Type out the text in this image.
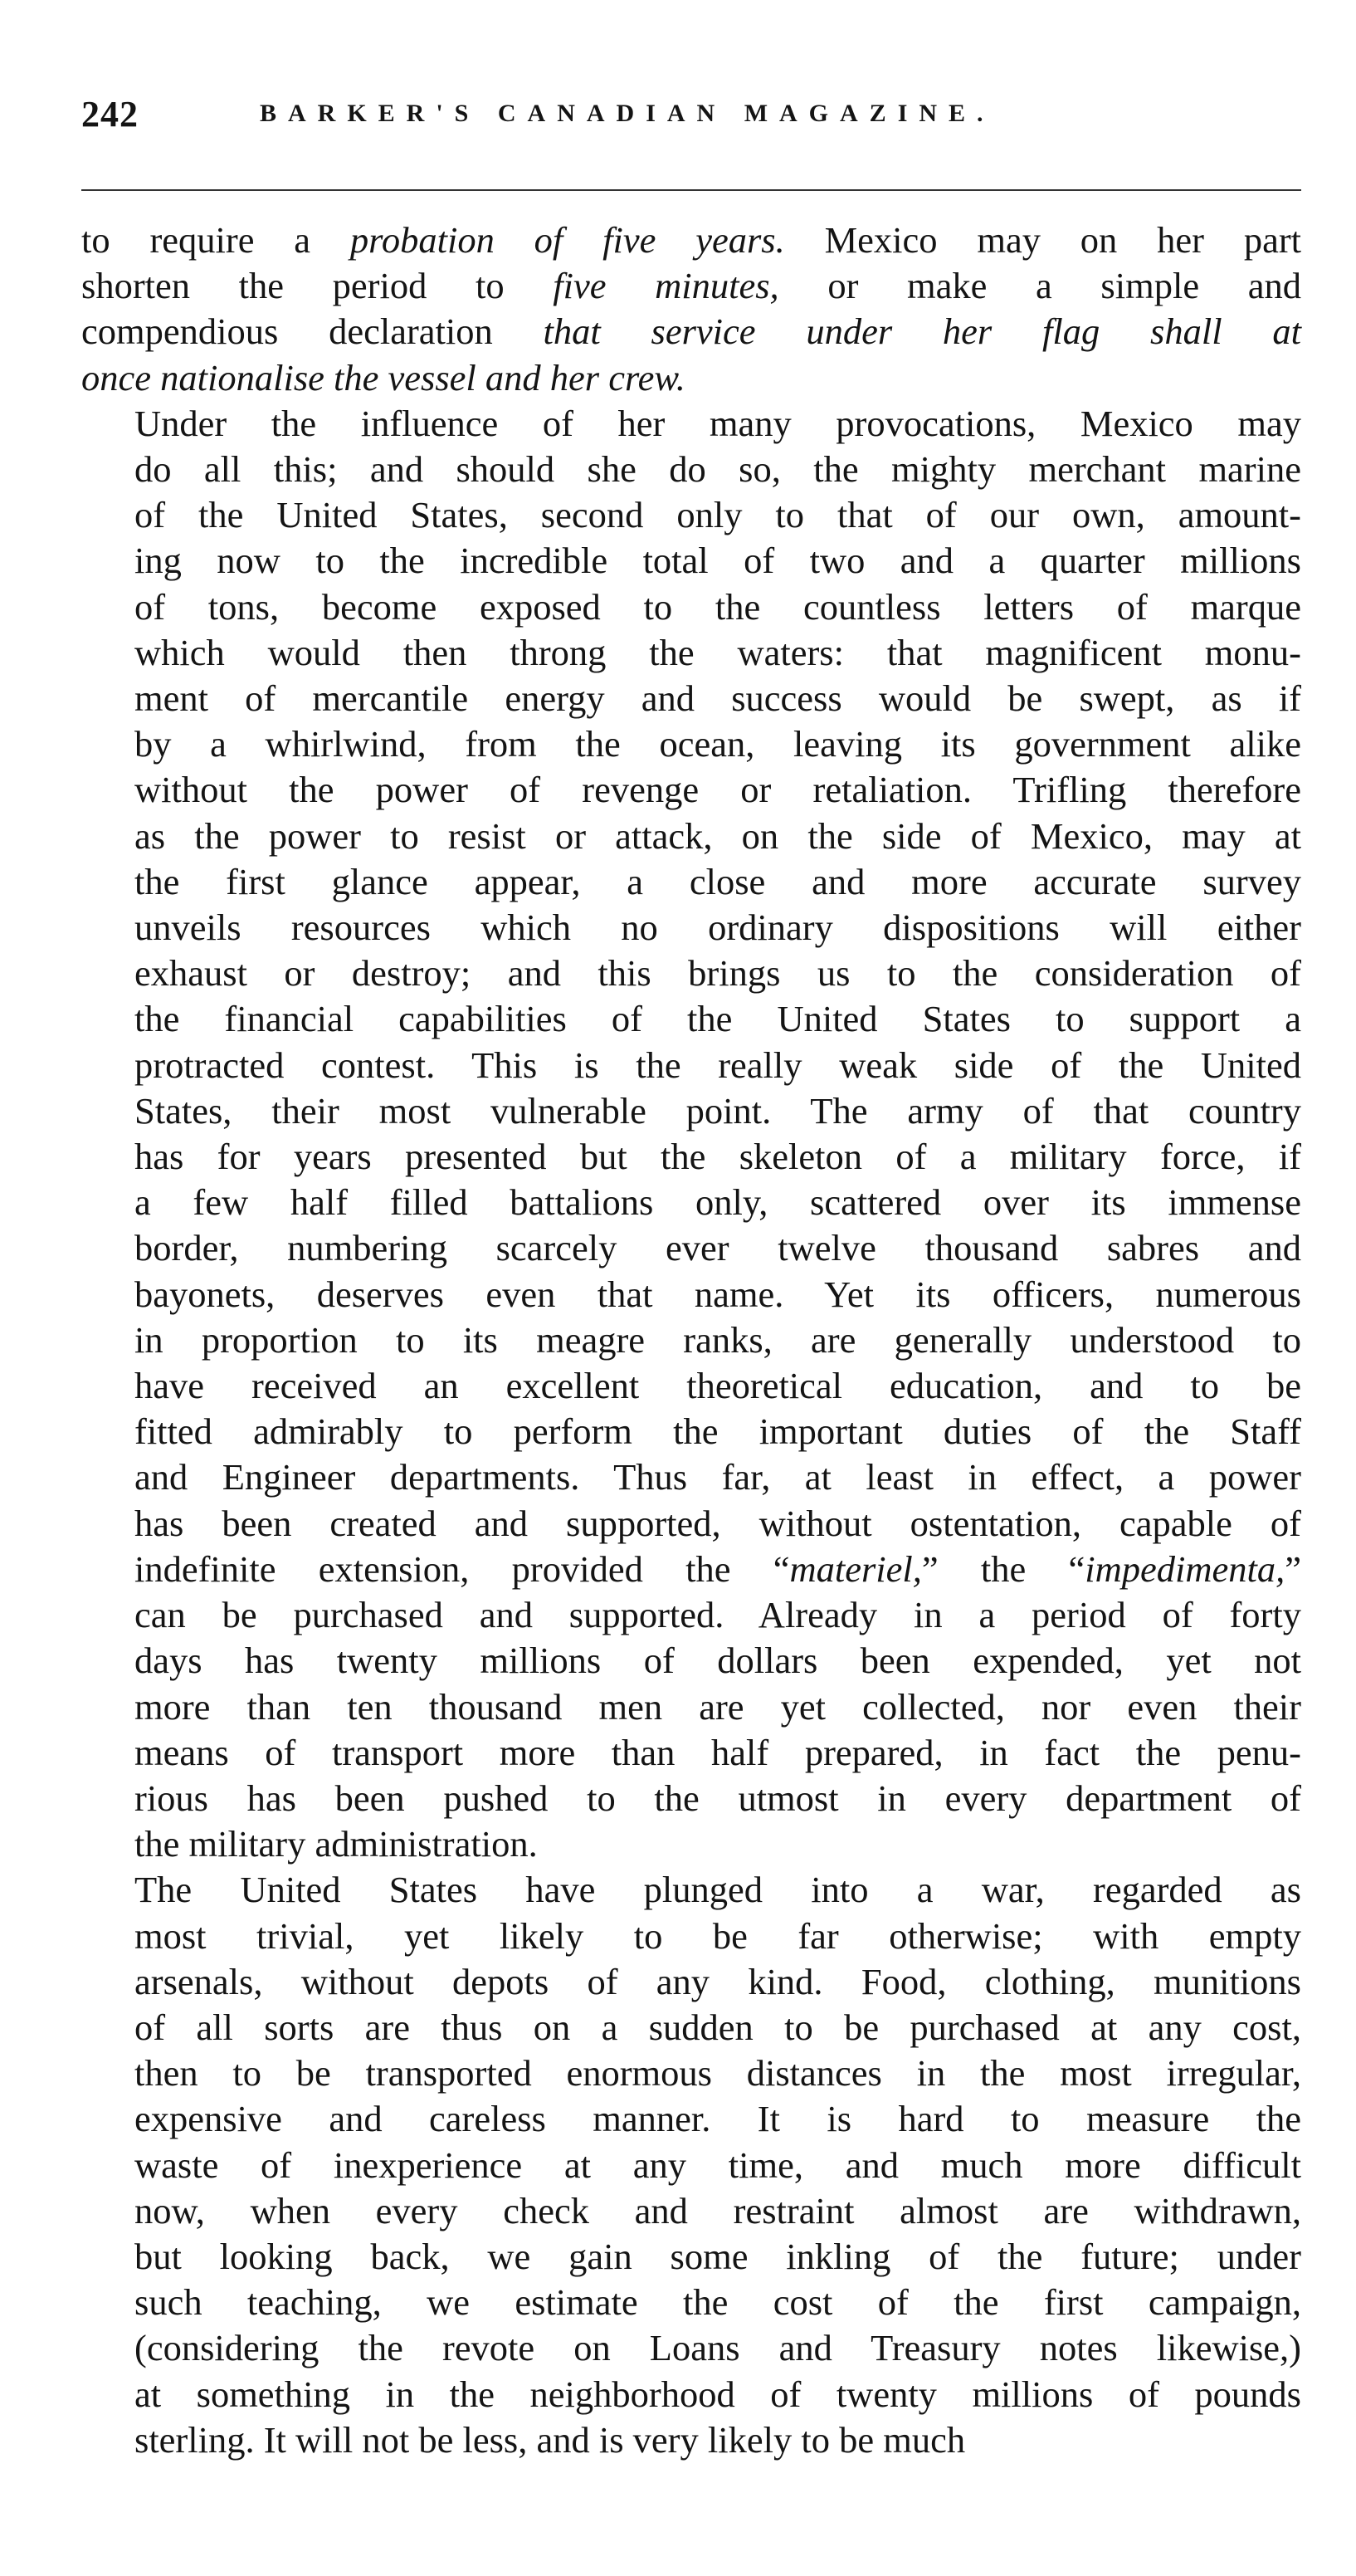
242	BARKER'S CANADIAN MAGAZINE.

to require a probation of five years. Mexico may on her part
shorten the period to five minutes, or make a simple and
compendious declaration that service under her flag shall at
once nationalise the vessel and her crew.

Under the influence of her many provocations, Mexico may
do all this; and should she do so, the mighty merchant marine
of the United States, second only to that of our own, amount-
ing now to the incredible total of two and a quarter millions
of tons, become exposed to the countless letters of marque
which would then throng the waters: that magnificent monu-
ment of mercantile energy and success would be swept, as if
by a whirlwind, from the ocean, leaving its government alike
without the power of revenge or retaliation. Trifling therefore
as the power to resist or attack, on the side of Mexico, may at
the first glance appear, a close and more accurate survey
unveils resources which no ordinary dispositions will either
exhaust or destroy; and this brings us to the consideration of
the financial capabilities of the United States to support a
protracted contest. This is the really weak side of the United
States, their most vulnerable point. The army of that country
has for years presented but the skeleton of a military force, if
a few half filled battalions only, scattered over its immense
border, numbering scarcely ever twelve thousand sabres and
bayonets, deserves even that name. Yet its officers, numerous
in proportion to its meagre ranks, are generally understood to
have received an excellent theoretical education, and to be
fitted admirably to perform the important duties of the Staff
and Engineer departments. Thus far, at least in effect, a power
has been created and supported, without ostentation, capable of
indefinite extension, provided the “materiel,” the “impedimenta,”
can be purchased and supported. Already in a period of forty
days has twenty millions of dollars been expended, yet not
more than ten thousand men are yet collected, nor even their
means of transport more than half prepared, in fact the penu-
rious has been pushed to the utmost in every department of
the military administration.

The United States have plunged into a war, regarded as
most trivial, yet likely to be far otherwise; with empty
arsenals, without depots of any kind. Food, clothing, munitions
of all sorts are thus on a sudden to be purchased at any cost,
then to be transported enormous distances in the most irregular,
expensive and careless manner. It is hard to measure the
waste of inexperience at any time, and much more difficult
now, when every check and restraint almost are withdrawn,
but looking back, we gain some inkling of the future; under
such teaching, we estimate the cost of the first campaign,
(considering the revote on Loans and Treasury notes likewise,)
at something in the neighborhood of twenty millions of pounds
sterling. It will not be less, and is very likely to be much
